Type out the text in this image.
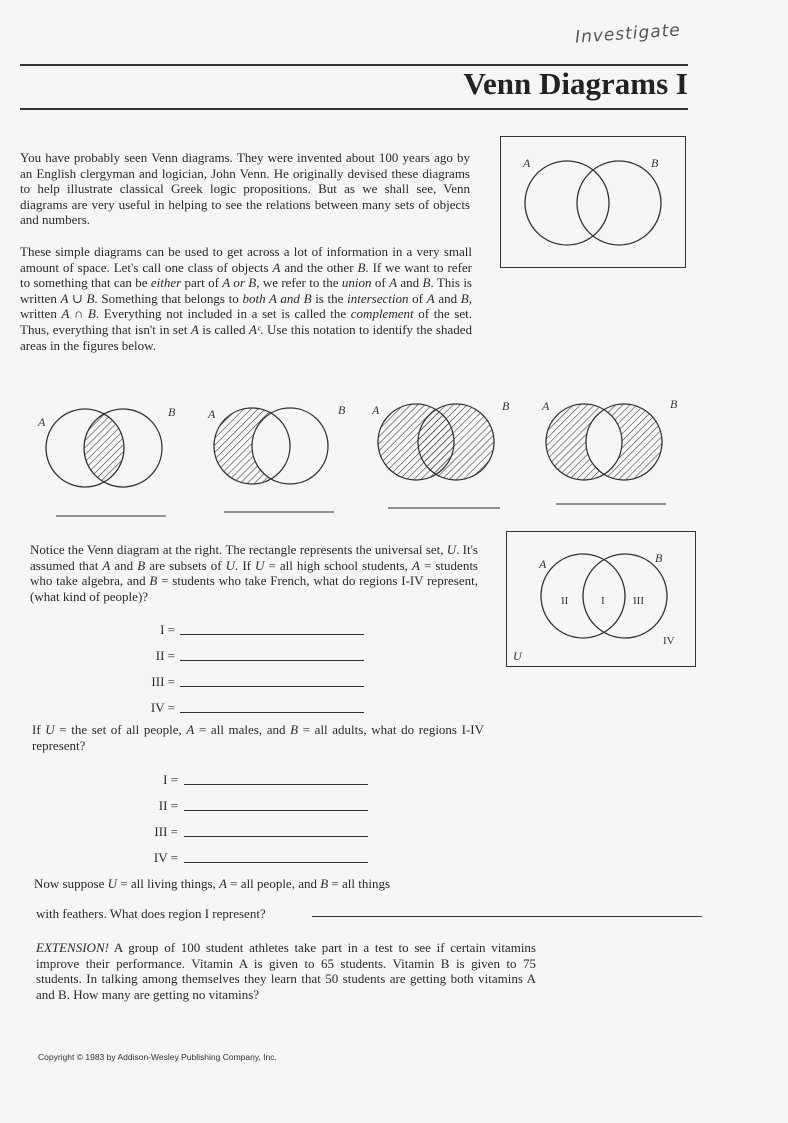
Investigate
Venn Diagrams I
You have probably seen Venn diagrams. They were invented about 100 years ago by an English clergyman and logician, John Venn. He originally devised these diagrams to help illustrate classical Greek logic propositions. But as we shall see, Venn diagrams are very useful in helping to see the relations between many sets of objects and numbers.
A	B
These simple diagrams can be used to get across a lot of information in a very small amount of space. Let's call one class of objects A and the other B. If we want to refer to something that can be either part of A or B, we refer to the union of A and B. This is written A ∪ B. Something that belongs to both A and B is the intersection of A and B, written A ∩ B. Everything not included in a set is called the complement of the set. Thus, everything that isn't in set A is called Aᶜ. Use this notation to identify the shaded areas in the figures below.
A
B	A	B A	B	A	B
Notice the Venn diagram at the right. The rectangle represents the universal set, U. It's assumed that A and B are subsets of U. If U = all high school students, A = students who take algebra, and B = students who take French, what do regions I-IV represent, (what kind of people)?
A	B
II	I	III
IV
U
I =
II =
III =
IV =
If U = the set of all people, A = all males, and B = all adults, what do regions I-IV represent?
I =
II =
III =
IV =
Now suppose U = all living things, A = all people, and B = all things
with feathers. What does region I represent?
EXTENSION! A group of 100 student athletes take part in a test to see if certain vitamins improve their performance. Vitamin A is given to 65 students. Vitamin B is given to 75 students. In talking among themselves they learn that 50 students are getting both vitamins A and B. How many are getting no vitamins?
Copyright © 1983 by Addison-Wesley Publishing Company, Inc.
